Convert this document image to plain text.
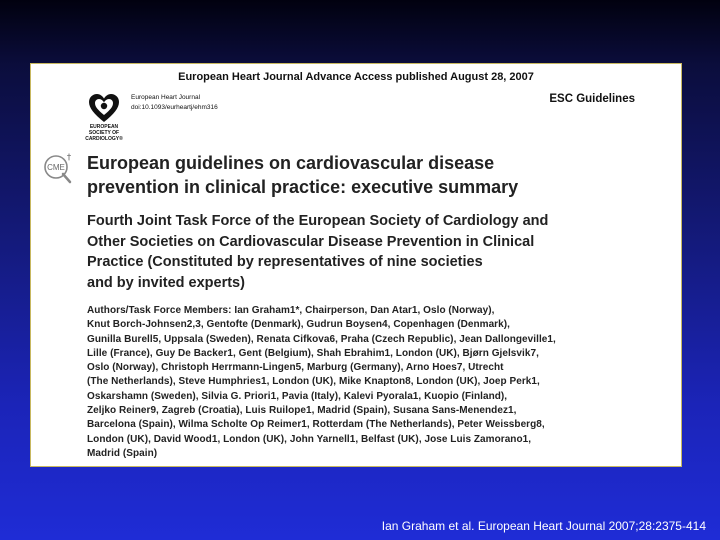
European Heart Journal Advance Access published August 28, 2007
EUROPEAN
SOCIETY OF
CARDIOLOGY®
European Heart Journal
doi:10.1093/eurheartj/ehm316
ESC Guidelines
CME
† European guidelines on cardiovascular disease
prevention in clinical practice: executive summary
Fourth Joint Task Force of the European Society of Cardiology and
Other Societies on Cardiovascular Disease Prevention in Clinical
Practice (Constituted by representatives of nine societies
and by invited experts)
Authors/Task Force Members: Ian Graham1*, Chairperson, Dan Atar1, Oslo (Norway),
Knut Borch-Johnsen2,3, Gentofte (Denmark), Gudrun Boysen4, Copenhagen (Denmark),
Gunilla Burell5, Uppsala (Sweden), Renata Cifkova6, Praha (Czech Republic), Jean Dallongeville1,
Lille (France), Guy De Backer1, Gent (Belgium), Shah Ebrahim1, London (UK), Bjørn Gjelsvik7,
Oslo (Norway), Christoph Herrmann-Lingen5, Marburg (Germany), Arno Hoes7, Utrecht
(The Netherlands), Steve Humphries1, London (UK), Mike Knapton8, London (UK), Joep Perk1,
Oskarshamn (Sweden), Silvia G. Priori1, Pavia (Italy), Kalevi Pyorala1, Kuopio (Finland),
Zeljko Reiner9, Zagreb (Croatia), Luis Ruilope1, Madrid (Spain), Susana Sans-Menendez1,
Barcelona (Spain), Wilma Scholte Op Reimer1, Rotterdam (The Netherlands), Peter Weissberg8,
London (UK), David Wood1, London (UK), John Yarnell1, Belfast (UK), Jose Luis Zamorano1,
Madrid (Spain)
Ian Graham et al. European Heart Journal 2007;28:2375-414
